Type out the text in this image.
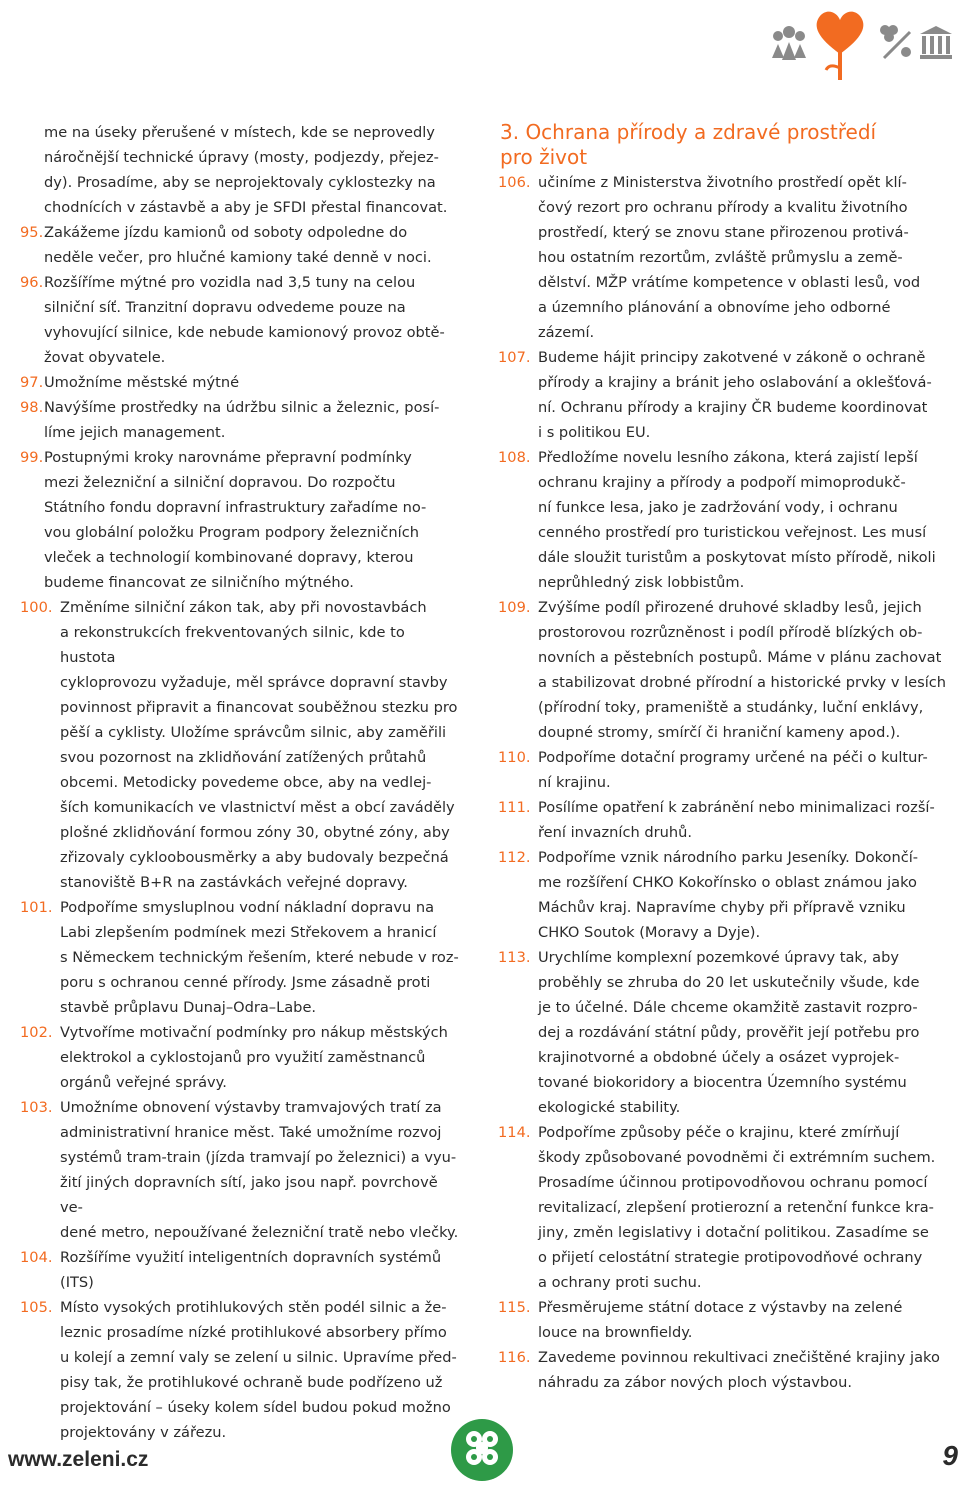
me na úseky přerušené v místech, kde se neprovedly
náročnější technické úpravy (mosty, podjezdy, přejez-
dy). Prosadíme, aby se neprojektovaly cyklostezky na
chodnících v zástavbě a aby je SFDI přestal financovat.

95. Zakážeme jízdu kamionů od soboty odpoledne do
neděle večer, pro hlučné kamiony také denně v noci.

96. Rozšíříme mýtné pro vozidla nad 3,5 tuny na celou
silniční síť. Tranzitní dopravu odvedeme pouze na
vyhovující silnice, kde nebude kamionový provoz obtě-
žovat obyvatele.

97. Umožníme městské mýtné

98. Navýšíme prostředky na údržbu silnic a železnic, posí-
líme jejich management.

99. Postupnými kroky narovnáme přepravní podmínky
mezi železniční a silniční dopravou. Do rozpočtu
Státního fondu dopravní infrastruktury zařadíme no-
vou globální položku Program podpory železničních
vleček a technologií kombinované dopravy, kterou
budeme financovat ze silničního mýtného.

100. Změníme silniční zákon tak, aby při novostavbách
a rekonstrukcích frekventovaných silnic, kde to hustota
cykloprovozu vyžaduje, měl správce dopravní stavby
povinnost připravit a financovat souběžnou stezku pro
pěší a cyklisty. Uložíme správcům silnic, aby zaměřili
svou pozornost na zklidňování zatížených průtahů
obcemi. Metodicky povedeme obce, aby na vedlej-
ších komunikacích ve vlastnictví měst a obcí zaváděly
plošné zklidňování formou zóny 30, obytné zóny, aby
zřizovaly cykloobousměrky a aby budovaly bezpečná
stanoviště B+R na zastávkách veřejné dopravy.

101. Podpoříme smysluplnou vodní nákladní dopravu na
Labi zlepšením podmínek mezi Střekovem a hranicí
s Německem technickým řešením, které nebude v roz-
poru s ochranou cenné přírody. Jsme zásadně proti
stavbě průplavu Dunaj–Odra–Labe.

102. Vytvoříme motivační podmínky pro nákup městských
elektrokol a cyklostojanů pro využití zaměstnanců
orgánů veřejné správy.

103. Umožníme obnovení výstavby tramvajových tratí za
administrativní hranice měst. Také umožníme rozvoj
systémů tram-train (jízda tramvají po železnici) a vyu-
žití jiných dopravních sítí, jako jsou např. povrchově ve-
dené metro, nepoužívané železniční tratě nebo vlečky.

104. Rozšíříme využití inteligentních dopravních systémů
(ITS)

105. Místo vysokých protihlukových stěn podél silnic a že-
leznic prosadíme nízké protihlukové absorbery přímo
u kolejí a zemní valy se zelení u silnic. Upravíme před-
pisy tak, že protihlukové ochraně bude podřízeno už
projektování – úseky kolem sídel budou pokud možno
projektovány v zářezu.

3. Ochrana přírody a zdravé prostředí
pro život

106. učiníme z Ministerstva životního prostředí opět klí-
čový rezort pro ochranu přírody a kvalitu životního
prostředí, který se znovu stane přirozenou protivá-
hou ostatním rezortům, zvláště průmyslu a země-
dělství. MŽP vrátíme kompetence v oblasti lesů, vod
a územního plánování a obnovíme jeho odborné
zázemí.

107. Budeme hájit principy zakotvené v zákoně o ochraně
přírody a krajiny a bránit jeho oslabování a oklešťová-
ní. Ochranu přírody a krajiny ČR budeme koordinovat
i s politikou EU.

108. Předložíme novelu lesního zákona, která zajistí lepší
ochranu krajiny a přírody a podpoří mimoprodukč-
ní funkce lesa, jako je zadržování vody, i ochranu
cenného prostředí pro turistickou veřejnost. Les musí
dále sloužit turistům a poskytovat místo přírodě, nikoli
neprůhledný zisk lobbistům.

109. Zvýšíme podíl přirozené druhové skladby lesů, jejich
prostorovou rozrůzněnost i podíl přírodě blízkých ob-
novních a pěstebních postupů. Máme v plánu zachovat
a stabilizovat drobné přírodní a historické prvky v lesích
(přírodní toky, prameniště a studánky, luční enklávy,
doupné stromy, smírčí či hraniční kameny apod.).

110. Podpoříme dotační programy určené na péči o kultur-
ní krajinu.

111. Posílíme opatření k zabránění nebo minimalizaci rozší-
ření invazních druhů.

112. Podpoříme vznik národního parku Jeseníky. Dokončí-
me rozšíření CHKO Kokořínsko o oblast známou jako
Máchův kraj. Napravíme chyby při přípravě vzniku
CHKO Soutok (Moravy a Dyje).

113. Urychlíme komplexní pozemkové úpravy tak, aby
proběhly se zhruba do 20 let uskutečnily všude, kde
je to účelné. Dále chceme okamžitě zastavit rozpro-
dej a rozdávání státní půdy, prověřit její potřebu pro
krajinotvorné a obdobné účely a osázet vyprojek-
tované biokoridory a biocentra Územního systému
ekologické stability.

114. Podpoříme způsoby péče o krajinu, které zmírňují
škody způsobované povodněmi či extrémním suchem.
Prosadíme účinnou protipovodňovou ochranu pomocí
revitalizací, zlepšení protierozní a retenční funkce kra-
jiny, změn legislativy i dotační politikou. Zasadíme se
o přijetí celostátní strategie protipovodňové ochrany
a ochrany proti suchu.

115. Přesměrujeme státní dotace z výstavby na zelené
louce na brownfieldy.

116. Zavedeme povinnou rekultivaci znečištěné krajiny jako
náhradu za zábor nových ploch výstavbou.

www.zeleni.cz	9
